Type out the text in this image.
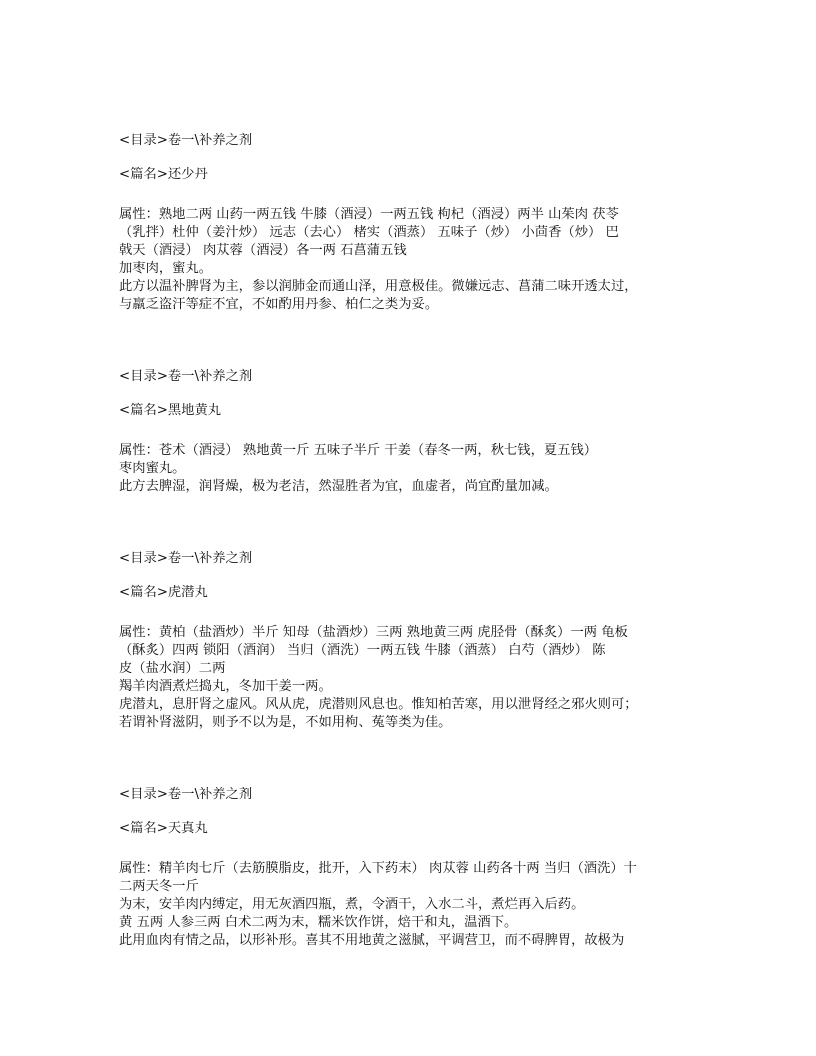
<目录>卷一\补养之剂
<篇名>还少丹
属性：熟地二两 山药一两五钱 牛膝（酒浸）一两五钱 枸杞（酒浸）两半 山茱肉 茯苓
（乳拌）杜仲（姜汁炒） 远志（去心） 楮实（酒蒸） 五味子（炒） 小茴香（炒） 巴
戟天（酒浸） 肉苁蓉（酒浸）各一两 石菖蒲五钱
加枣肉，蜜丸。
此方以温补脾肾为主，参以润肺金而通山泽，用意极佳。微嫌远志、菖蒲二味开透太过，
与羸乏盗汗等症不宜，不如酌用丹参、柏仁之类为妥。
<目录>卷一\补养之剂
<篇名>黑地黄丸
属性：苍术（酒浸） 熟地黄一斤 五味子半斤 干姜（春冬一两，秋七钱，夏五钱）
枣肉蜜丸。
此方去脾湿，润肾燥，极为老洁，然湿胜者为宜，血虚者，尚宜酌量加减。
<目录>卷一\补养之剂
<篇名>虎潜丸
属性：黄柏（盐酒炒）半斤 知母（盐酒炒）三两 熟地黄三两 虎胫骨（酥炙）一两 龟板
（酥炙）四两 锁阳（酒润） 当归（酒洗）一两五钱 牛膝（酒蒸） 白芍（酒炒） 陈
皮（盐水润）二两
羯羊肉酒煮烂捣丸，冬加干姜一两。
虎潜丸，息肝肾之虚风。风从虎，虎潜则风息也。惟知柏苦寒，用以泄肾经之邪火则可；
若谓补肾滋阴，则予不以为是，不如用枸、菟等类为佳。
<目录>卷一\补养之剂
<篇名>天真丸
属性：精羊肉七斤（去筋膜脂皮，批开，入下药末） 肉苁蓉 山药各十两 当归（酒洗）十
二两天冬一斤
为末，安羊肉内缚定，用无灰酒四瓶，煮，令酒干，入水二斗，煮烂再入后药。
黄 五两 人参三两 白术二两为末，糯米饮作饼，焙干和丸，温酒下。
此用血肉有情之品，以形补形。喜其不用地黄之滋腻，平调营卫，而不碍脾胃，故极为
